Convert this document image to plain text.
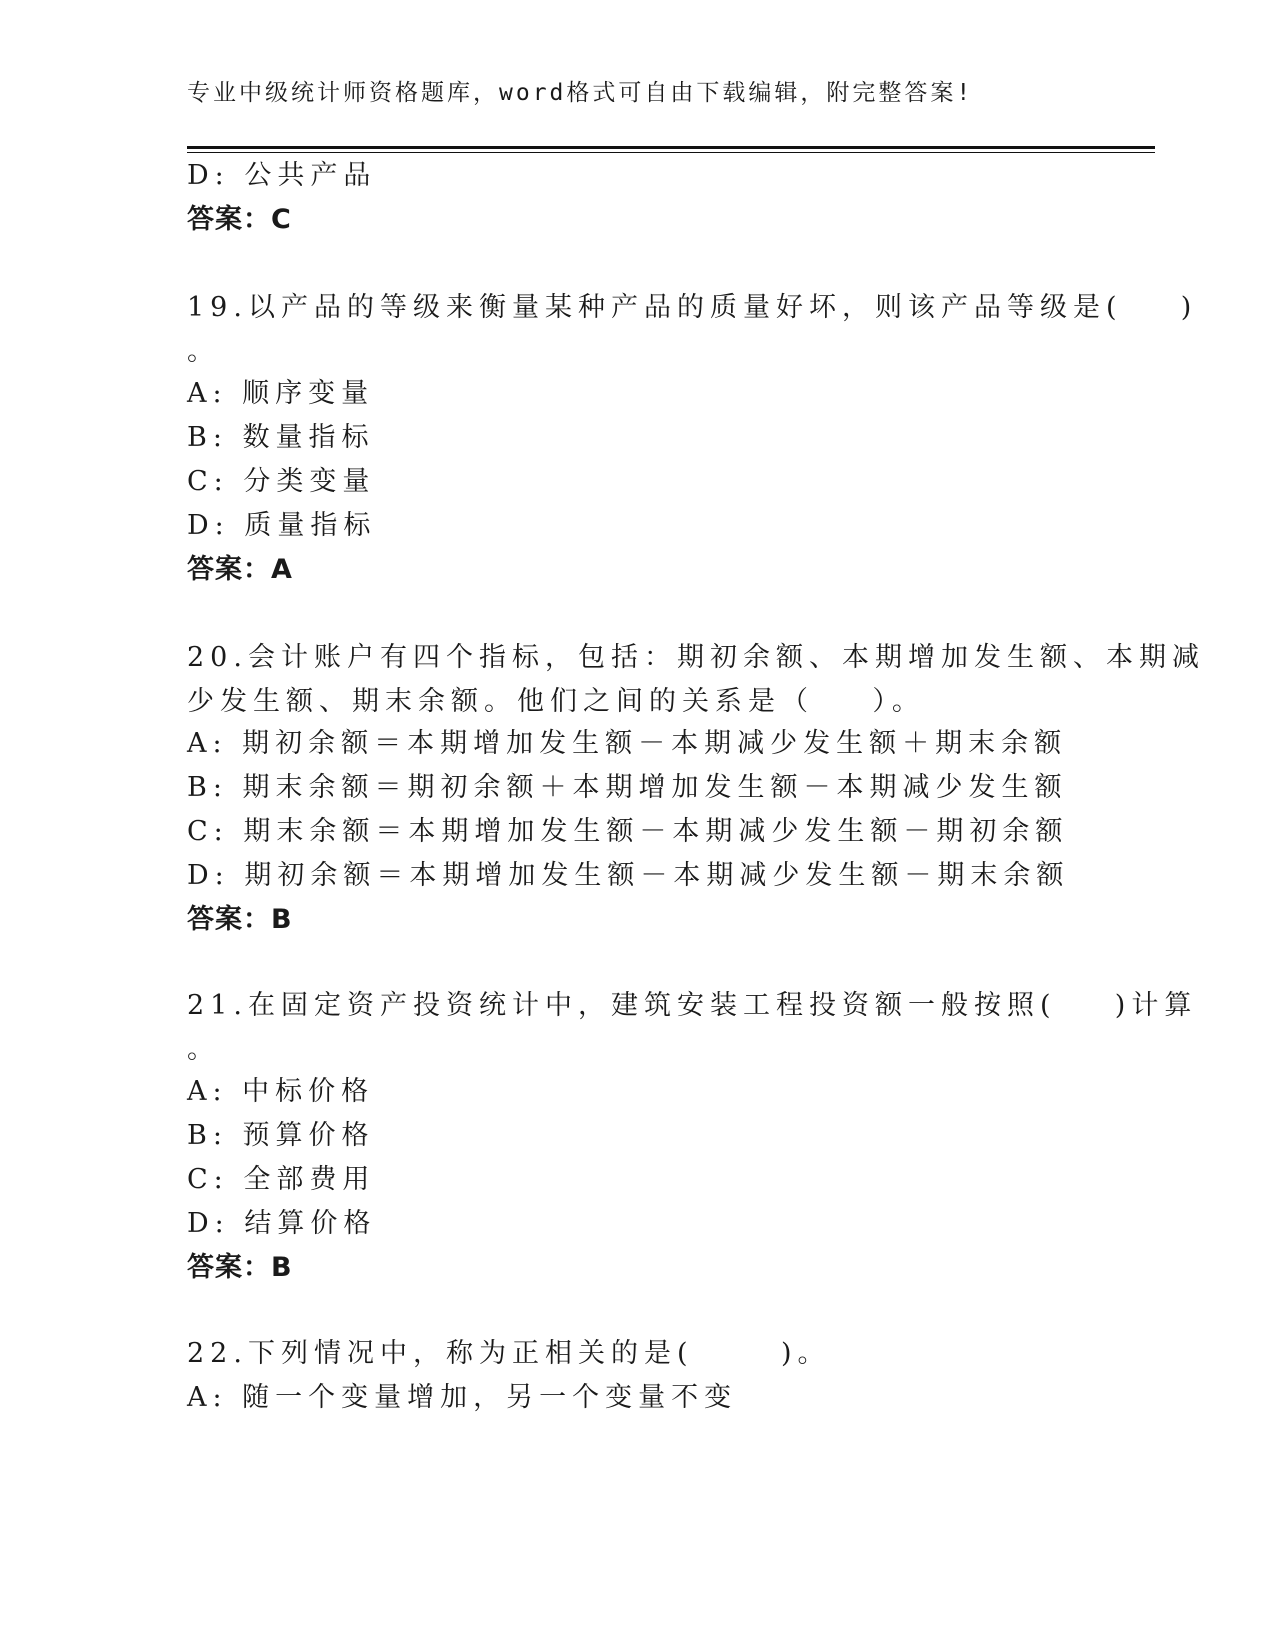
专业中级统计师资格题库，word格式可自由下载编辑，附完整答案!
D: 公共产品
答案：C
19.以产品的等级来衡量某种产品的质量好坏，则该产品等级是(    )
。
A: 顺序变量
B: 数量指标
C: 分类变量
D: 质量指标
答案：A
20.会计账户有四个指标，包括：期初余额、本期增加发生额、本期减
少发生额、期末余额。他们之间的关系是（    ）。
A: 期初余额＝本期增加发生额－本期减少发生额＋期末余额
B: 期末余额＝期初余额＋本期增加发生额－本期减少发生额
C: 期末余额＝本期增加发生额－本期减少发生额－期初余额
D: 期初余额＝本期增加发生额－本期减少发生额－期末余额
答案：B
21.在固定资产投资统计中，建筑安装工程投资额一般按照(    )计算
。
A: 中标价格
B: 预算价格
C: 全部费用
D: 结算价格
答案：B
22.下列情况中，称为正相关的是(      )。
A: 随一个变量增加，另一个变量不变
